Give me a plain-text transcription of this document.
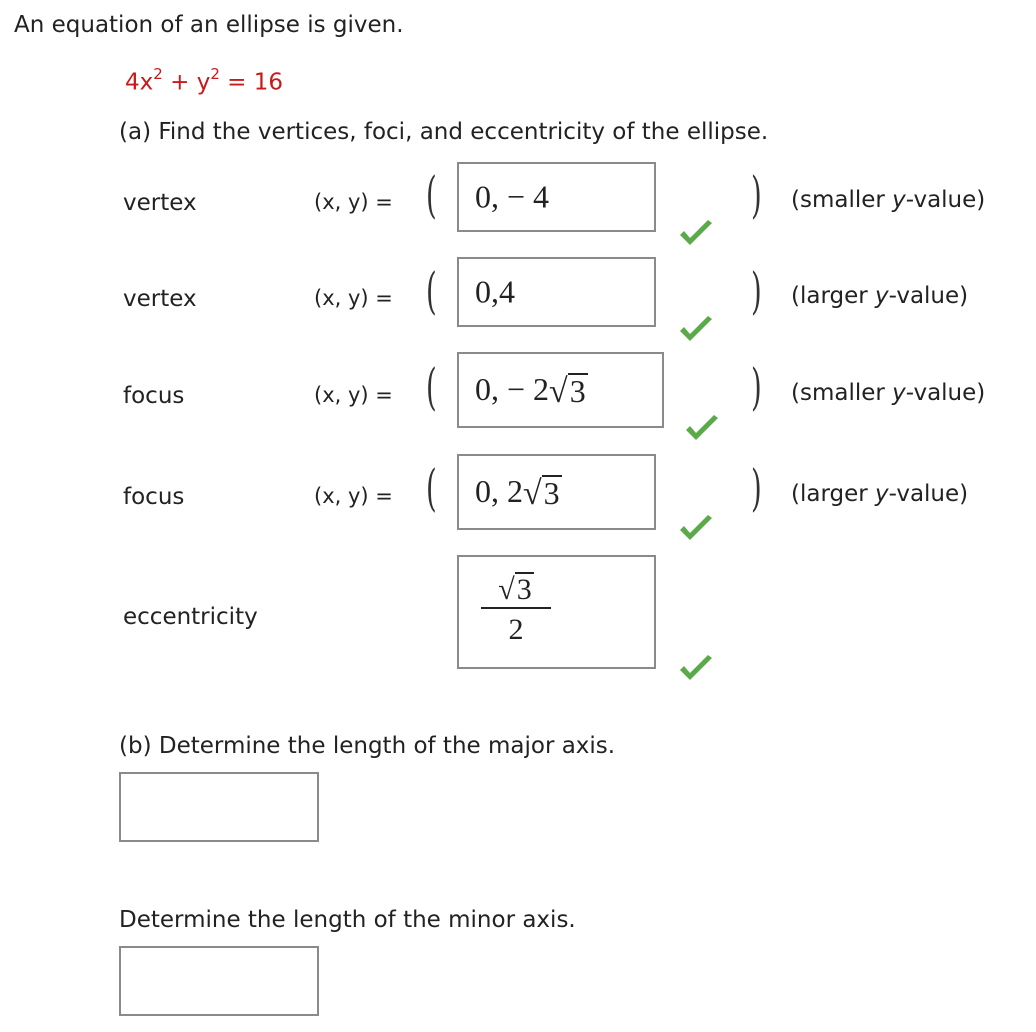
An equation of an ellipse is given.
$4x^2 + y^2 = 16$
(a) Find the vertices, foci, and eccentricity of the ellipse.
vertex	(x, y) = ( 0, − 4	) (smaller y-value)
vertex	(x, y) = ( 0,4	) (larger y-value)
focus	(x, y) = ( 0, − 2 √ 3	) (smaller y-value)
focus	(x, y) = ( 0, 2 √ 3	) (larger y-value)
eccentricity
√ 3
2
(b) Determine the length of the major axis.
Determine the length of the minor axis.
